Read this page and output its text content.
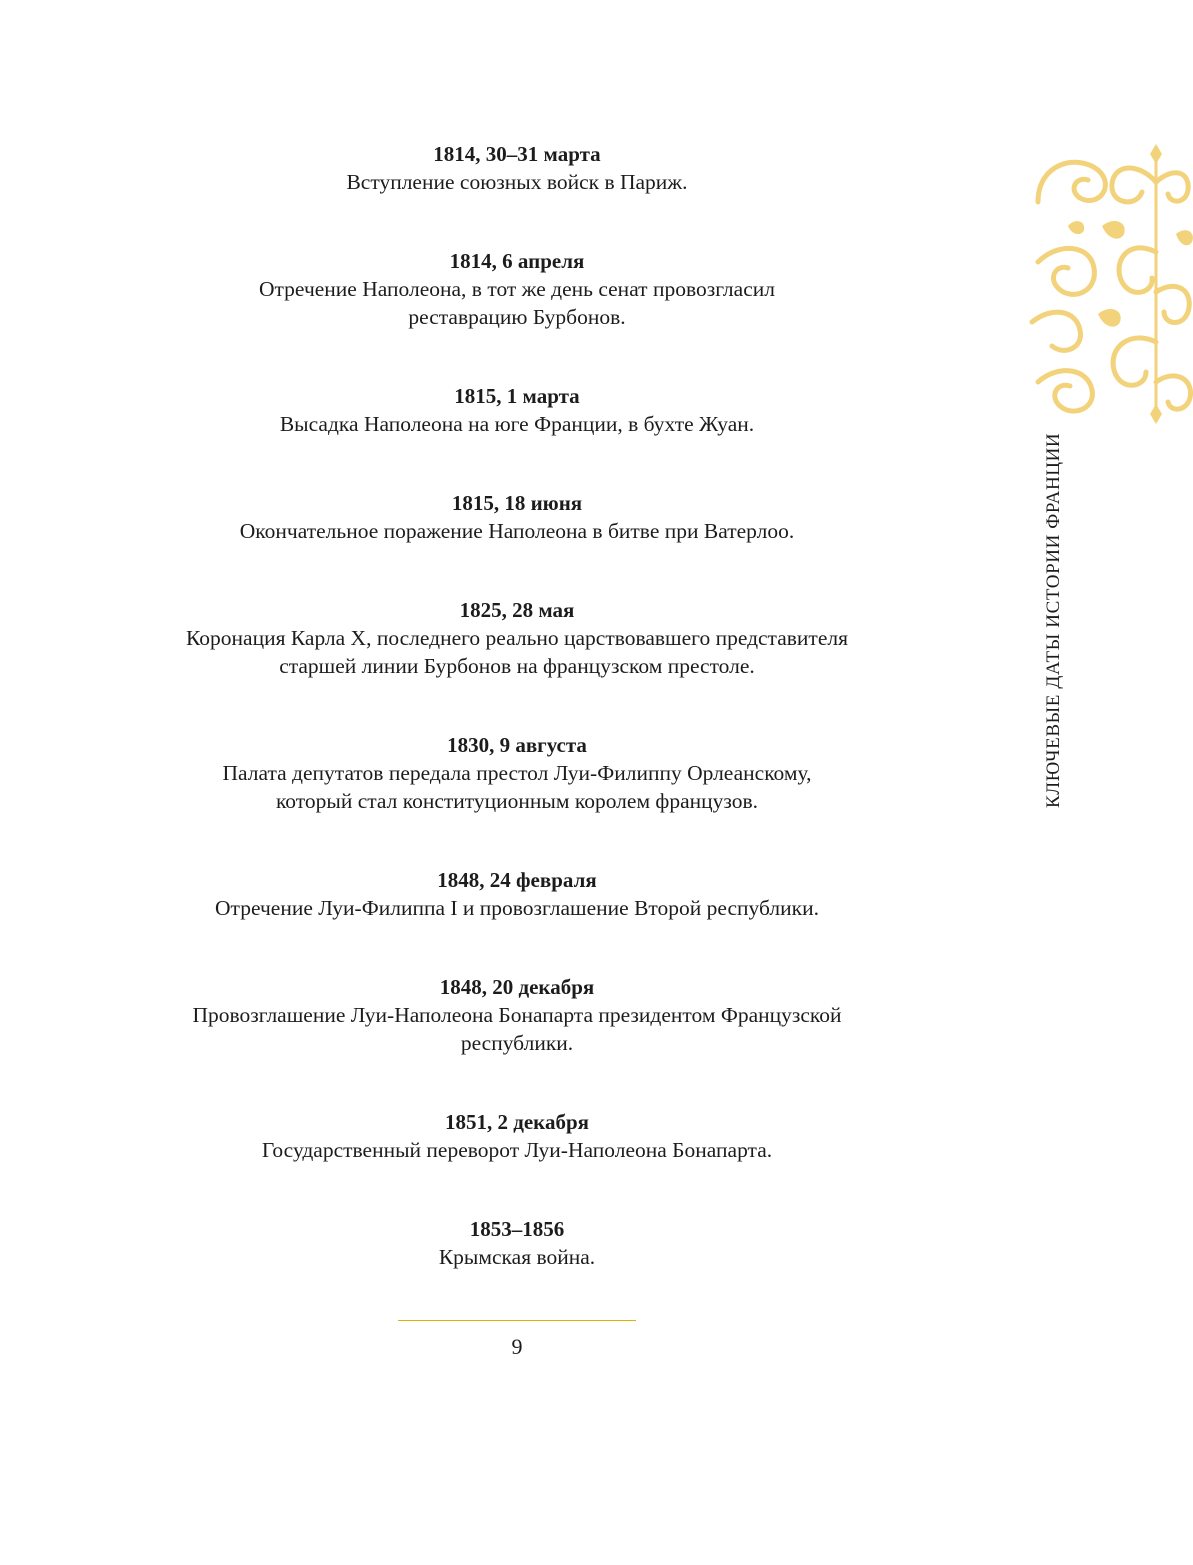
1814, 30–31 марта
Вступление союзных войск в Париж.
1814, 6 апреля
Отречение Наполеона, в тот же день сенат провозгласил
реставрацию Бурбонов.
1815, 1 марта
Высадка Наполеона на юге Франции, в бухте Жуан.
1815, 18 июня
Окончательное поражение Наполеона в битве при Ватерлоо.
1825, 28 мая
Коронация Карла X, последнего реально царствовавшего представителя
старшей линии Бурбонов на французском престоле.
1830, 9 августа
Палата депутатов передала престол Луи-Филиппу Орлеанскому,
который стал конституционным королем французов.
1848, 24 февраля
Отречение Луи-Филиппа I и провозглашение Второй республики.
1848, 20 декабря
Провозглашение Луи-Наполеона Бонапарта президентом Французской
республики.
1851, 2 декабря
Государственный переворот Луи-Наполеона Бонапарта.
1853–1856
Крымская война.
КЛЮЧЕВЫЕ ДАТЫ ИСТОРИИ ФРАНЦИИ
9
